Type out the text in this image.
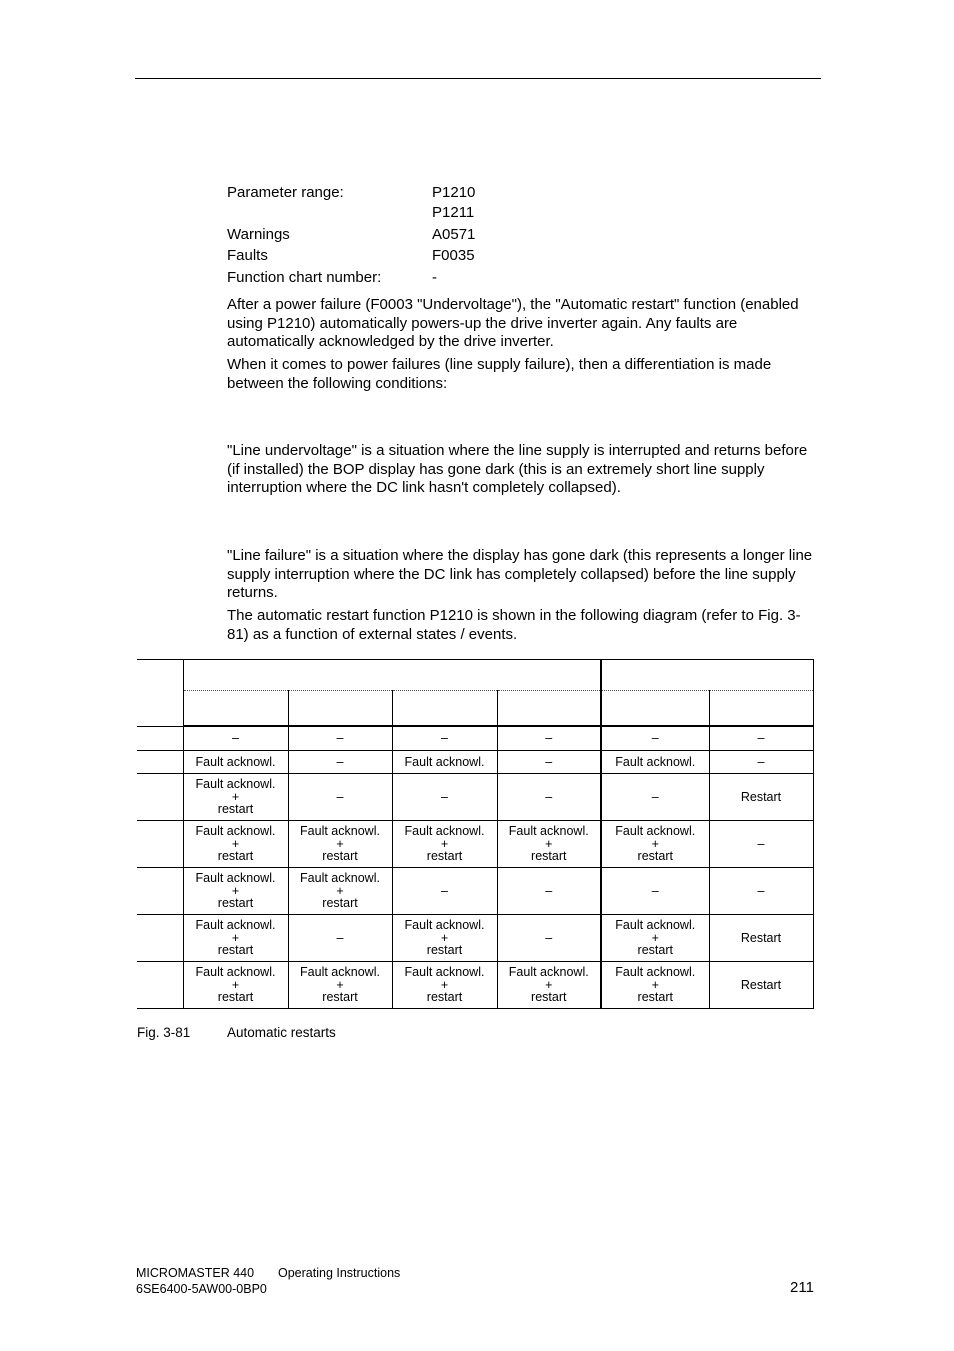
Parameter range:	P1210
P1211
Warnings	A0571
Faults	F0035
Function chart number:	-

After a power failure (F0003 "Undervoltage"), the "Automatic restart" function (enabled using P1210) automatically powers-up the drive inverter again. Any faults are automatically acknowledged by the drive inverter.

When it comes to power failures (line supply failure), then a differentiation is made between the following conditions:

"Line undervoltage" is a situation where the line supply is interrupted and returns before (if installed) the BOP display has gone dark (this is an extremely short line supply interruption where the DC link hasn't completely collapsed).

"Line failure" is a situation where the display has gone dark (this represents a longer line supply interruption where the DC link has completely collapsed) before the line supply returns.

The automatic restart function P1210 is shown in the following diagram (refer to Fig. 3-81) as a function of external states / events.

	–	–	–	–	–	–
	Fault acknowl.	–	Fault acknowl.	–	Fault acknowl.	–
	Fault acknowl.
+
restart	–	–	–	–	Restart
	Fault acknowl.
+
restart	Fault acknowl.
+
restart	Fault acknowl.
+
restart	Fault acknowl.
+
restart	Fault acknowl.
+
restart	–
	Fault acknowl.
+
restart	Fault acknowl.
+
restart	–	–	–	–
	Fault acknowl.
+
restart	–	Fault acknowl.
+
restart	–	Fault acknowl.
+
restart	Restart
	Fault acknowl.
+
restart	Fault acknowl.
+
restart	Fault acknowl.
+
restart	Fault acknowl.
+
restart	Fault acknowl.
+
restart	Restart
Fig. 3-81	Automatic restarts
MICROMASTER 440 Operating Instructions
6SE6400-5AW00-0BP0	211
